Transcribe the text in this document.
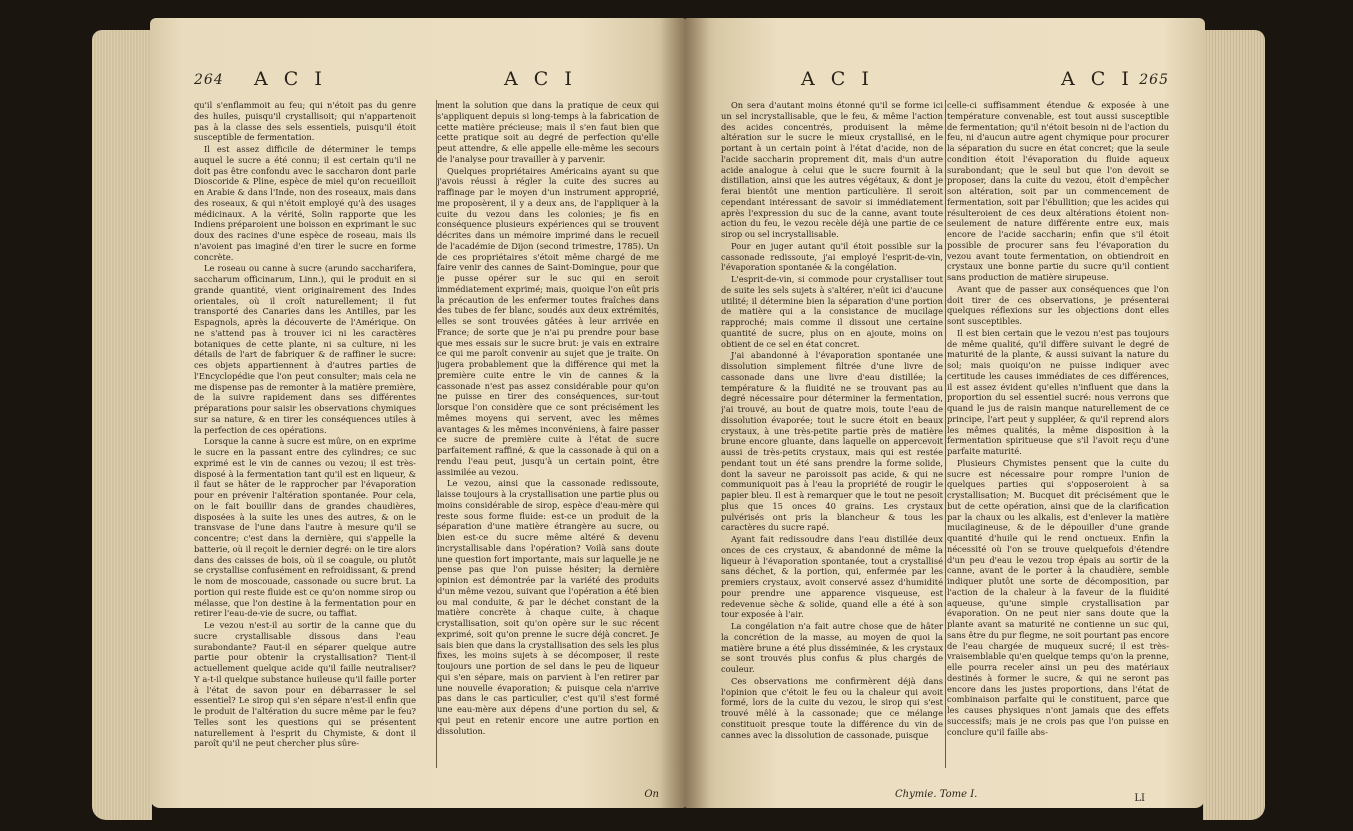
264 A C I	A C I

qu'il s'enflammoit au feu; qui n'étoit pas du genre des huiles, puisqu'il crystallisoit; qui n'appartenoit pas à la classe des sels essentiels, puisqu'il étoit susceptible de fermentation.

Il est assez difficile de déterminer le temps auquel le sucre a été connu; il est certain qu'il ne doit pas être confondu avec le saccharon dont parle Dioscoride & Pline, espèce de miel qu'on recueilloit en Arabie & dans l'Inde, non des roseaux, mais dans des roseaux, & qui n'étoit employé qu'à des usages médicinaux. A la vérité, Solin rapporte que les Indiens préparoient une boisson en exprimant le suc doux des racines d'une espèce de roseau, mais ils n'avoient pas imaginé d'en tirer le sucre en forme concrète.

Le roseau ou canne à sucre (arundo saccharifera, saccharum officinarum, Linn.), qui le produit en si grande quantité, vient originairement des Indes orientales, où il croît naturellement; il fut transporté des Canaries dans les Antilles, par les Espagnols, après la découverte de l'Amérique. On ne s'attend pas à trouver ici ni les caractères botaniques de cette plante, ni sa culture, ni les détails de l'art de fabriquer & de raffiner le sucre: ces objets appartiennent à d'autres parties de l'Encyclopédie que l'on peut consulter; mais cela ne me dispense pas de remonter à la matière première, de la suivre rapidement dans ses différentes préparations pour saisir les observations chymiques sur sa nature, & en tirer les conséquences utiles à la perfection de ces opérations.

Lorsque la canne à sucre est mûre, on en exprime le sucre en la passant entre des cylindres; ce suc exprimé est le vin de cannes ou vezou; il est très-disposé à la fermentation tant qu'il est en liqueur, & il faut se hâter de le rapprocher par l'évaporation pour en prévenir l'altération spontanée. Pour cela, on le fait bouillir dans de grandes chaudières, disposées à la suite les unes des autres, & on le transvase de l'une dans l'autre à mesure qu'il se concentre; c'est dans la dernière, qui s'appelle la batterie, où il reçoit le dernier degré: on le tire alors dans des caisses de bois, où il se coagule, ou plutôt se crystallise confusément en refroidissant, & prend le nom de moscouade, cassonade ou sucre brut. La portion qui reste fluide est ce qu'on nomme sirop ou mélasse, que l'on destine à la fermentation pour en retirer l'eau-de-vie de sucre, ou taffiat.

Le vezou n'est-il au sortir de la canne que du sucre crystallisable dissous dans l'eau surabondante? Faut-il en séparer quelque autre partie pour obtenir la crystallisation? Tient-il actuellement quelque acide qu'il faille neutraliser? Y a-t-il quelque substance huileuse qu'il faille porter à l'état de savon pour en débarrasser le sel essentiel? Le sirop qui s'en sépare n'est-il enfin que le produit de l'altération du sucre même par le feu? Telles sont les questions qui se présentent naturellement à l'esprit du Chymiste, & dont il paroît qu'il ne peut chercher plus sûre-

ment la solution que dans la pratique de ceux qui s'appliquent depuis si long-temps à la fabrication de cette matière précieuse; mais il s'en faut bien que cette pratique soit au degré de perfection qu'elle peut attendre, & elle appelle elle-même les secours de l'analyse pour travailler à y parvenir.

Quelques propriétaires Américains ayant su que j'avois réussi à régler la cuite des sucres au raffinage par le moyen d'un instrument approprié, me proposèrent, il y a deux ans, de l'appliquer à la cuite du vezou dans les colonies; je fis en conséquence plusieurs expériences qui se trouvent décrites dans un mémoire imprimé dans le recueil de l'académie de Dijon (second trimestre, 1785). Un de ces propriétaires s'étoit même chargé de me faire venir des cannes de Saint-Domingue, pour que je pusse opérer sur le suc qui en seroit immédiatement exprimé; mais, quoique l'on eût pris la précaution de les enfermer toutes fraîches dans des tubes de fer blanc, soudés aux deux extrémités, elles se sont trouvées gâtées à leur arrivée en France; de sorte que je n'ai pu prendre pour base que mes essais sur le sucre brut: je vais en extraire ce qui me paroît convenir au sujet que je traite. On jugera probablement que la différence qui met la première cuite entre le vin de cannes & la cassonade n'est pas assez considérable pour qu'on ne puisse en tirer des conséquences, sur-tout lorsque l'on considère que ce sont précisément les mêmes moyens qui servent, avec les mêmes avantages & les mêmes inconvéniens, à faire passer ce sucre de première cuite à l'état de sucre parfaitement raffiné, & que la cassonade à qui on a rendu l'eau peut, jusqu'à un certain point, être assimilée au vezou.

Le vezou, ainsi que la cassonade redissoute, laisse toujours à la crystallisation une partie plus ou moins considérable de sirop, espèce d'eau-mère qui reste sous forme fluide: est-ce un produit de la séparation d'une matière étrangère au sucre, ou bien est-ce du sucre même altéré & devenu incrystallisable dans l'opération? Voilà sans doute une question fort importante, mais sur laquelle je ne pense pas que l'on puisse hésiter; la dernière opinion est démontrée par la variété des produits d'un même vezou, suivant que l'opération a été bien ou mal conduite, & par le déchet constant de la matière concrète à chaque cuite, à chaque crystallisation, soit qu'on opère sur le suc récent exprimé, soit qu'on prenne le sucre déjà concret. Je sais bien que dans la crystallisation des sels les plus fixes, les moins sujets à se décomposer, il reste toujours une portion de sel dans le peu de liqueur qui s'en sépare, mais on parvient à l'en retirer par une nouvelle évaporation; & puisque cela n'arrive pas dans le cas particulier, c'est qu'il s'est formé une eau-mère aux dépens d'une portion du sel, & qui peut en retenir encore une autre portion en dissolution.

On
A C I	A C I 265

On sera d'autant moins étonné qu'il se forme ici un sel incrystallisable, que le feu, & même l'action des acides concentrés, produisent la même altération sur le sucre le mieux crystallisé, en le portant à un certain point à l'état d'acide, non de l'acide saccharin proprement dit, mais d'un autre acide analogue à celui que le sucre fournit à la distillation, ainsi que les autres végétaux, & dont je ferai bientôt une mention particulière. Il seroit cependant intéressant de savoir si immédiatement après l'expression du suc de la canne, avant toute action du feu, le vezou recèle déjà une partie de ce sirop ou sel incrystallisable.

Pour en juger autant qu'il étoit possible sur la cassonade redissoute, j'ai employé l'esprit-de-vin, l'évaporation spontanée & la congélation.

L'esprit-de-vin, si commode pour crystalliser tout de suite les sels sujets à s'altérer, n'eût ici d'aucune utilité; il détermine bien la séparation d'une portion de matière qui a la consistance de mucilage rapproché; mais comme il dissout une certaine quantité de sucre, plus on en ajoute, moins on obtient de ce sel en état concret.

J'ai abandonné à l'évaporation spontanée une dissolution simplement filtrée d'une livre de cassonade dans une livre d'eau distillée; la température & la fluidité ne se trouvant pas au degré nécessaire pour déterminer la fermentation, j'ai trouvé, au bout de quatre mois, toute l'eau de dissolution évaporée; tout le sucre étoit en beaux crystaux, à une très-petite partie près de matière brune encore gluante, dans laquelle on appercevoit aussi de très-petits crystaux, mais qui est restée pendant tout un été sans prendre la forme solide, dont la saveur ne paroissoit pas acide, & qui ne communiquoit pas à l'eau la propriété de rougir le papier bleu. Il est à remarquer que le tout ne pesoit plus que 15 onces 40 grains. Les crystaux pulvérisés ont pris la blancheur & tous les caractères du sucre rapé.

Ayant fait redissoudre dans l'eau distillée deux onces de ces crystaux, & abandonné de même la liqueur à l'évaporation spontanée, tout a crystallisé sans déchet, & la portion, qui, enfermée par les premiers crystaux, avoit conservé assez d'humidité pour prendre une apparence visqueuse, est redevenue sèche & solide, quand elle a été à son tour exposée à l'air.

La congélation n'a fait autre chose que de hâter la concrétion de la masse, au moyen de quoi la matière brune a été plus disséminée, & les crystaux se sont trouvés plus confus & plus chargés de couleur.

Ces observations me confirmèrent déjà dans l'opinion que c'étoit le feu ou la chaleur qui avoit formé, lors de la cuite du vezou, le sirop qui s'est trouvé mêlé à la cassonade; que ce mélange constituoit presque toute la différence du vin de cannes avec la dissolution de cassonade, puisque

celle-ci suffisamment étendue & exposée à une température convenable, est tout aussi susceptible de fermentation; qu'il n'étoit besoin ni de l'action du feu, ni d'aucun autre agent chymique pour procurer la séparation du sucre en état concret; que la seule condition étoit l'évaporation du fluide aqueux surabondant; que le seul but que l'on devoit se proposer, dans la cuite du vezou, étoit d'empêcher son altération, soit par un commencement de fermentation, soit par l'ébullition; que les acides qui résulteroient de ces deux altérations étoient non-seulement de nature différente entre eux, mais encore de l'acide saccharin; enfin que s'il étoit possible de procurer sans feu l'évaporation du vezou avant toute fermentation, on obtiendroit en crystaux une bonne partie du sucre qu'il contient sans production de matière sirupeuse.

Avant que de passer aux conséquences que l'on doit tirer de ces observations, je présenterai quelques réflexions sur les objections dont elles sont susceptibles.

Il est bien certain que le vezou n'est pas toujours de même qualité, qu'il diffère suivant le degré de maturité de la plante, & aussi suivant la nature du sol; mais quoiqu'on ne puisse indiquer avec certitude les causes immédiates de ces différences, il est assez évident qu'elles n'influent que dans la proportion du sel essentiel sucré: nous verrons que quand le jus de raisin manque naturellement de ce principe, l'art peut y suppléer, & qu'il reprend alors les mêmes qualités, la même disposition à la fermentation spiritueuse que s'il l'avoit reçu d'une parfaite maturité.

Plusieurs Chymistes pensent que la cuite du sucre est nécessaire pour rompre l'union de quelques parties qui s'opposeroient à sa crystallisation; M. Bucquet dit précisément que le but de cette opération, ainsi que de la clarification par la chaux ou les alkalis, est d'enlever la matière mucilagineuse, & de le dépouiller d'une grande quantité d'huile qui le rend onctueux. Enfin la nécessité où l'on se trouve quelquefois d'étendre d'un peu d'eau le vezou trop épais au sortir de la canne, avant de le porter à la chaudière, semble indiquer plutôt une sorte de décomposition, par l'action de la chaleur à la faveur de la fluidité aqueuse, qu'une simple crystallisation par évaporation. On ne peut nier sans doute que la plante avant sa maturité ne contienne un suc qui, sans être du pur flegme, ne soit pourtant pas encore de l'eau chargée de muqueux sucré; il est très-vraisemblable qu'en quelque temps qu'on la prenne, elle pourra receler ainsi un peu des matériaux destinés à former le sucre, & qui ne seront pas encore dans les justes proportions, dans l'état de combinaison parfaite qui le constituent, parce que les causes physiques n'ont jamais que des effets successifs; mais je ne crois pas que l'on puisse en conclure qu'il faille abs-

Chymie. Tome I.	LI
